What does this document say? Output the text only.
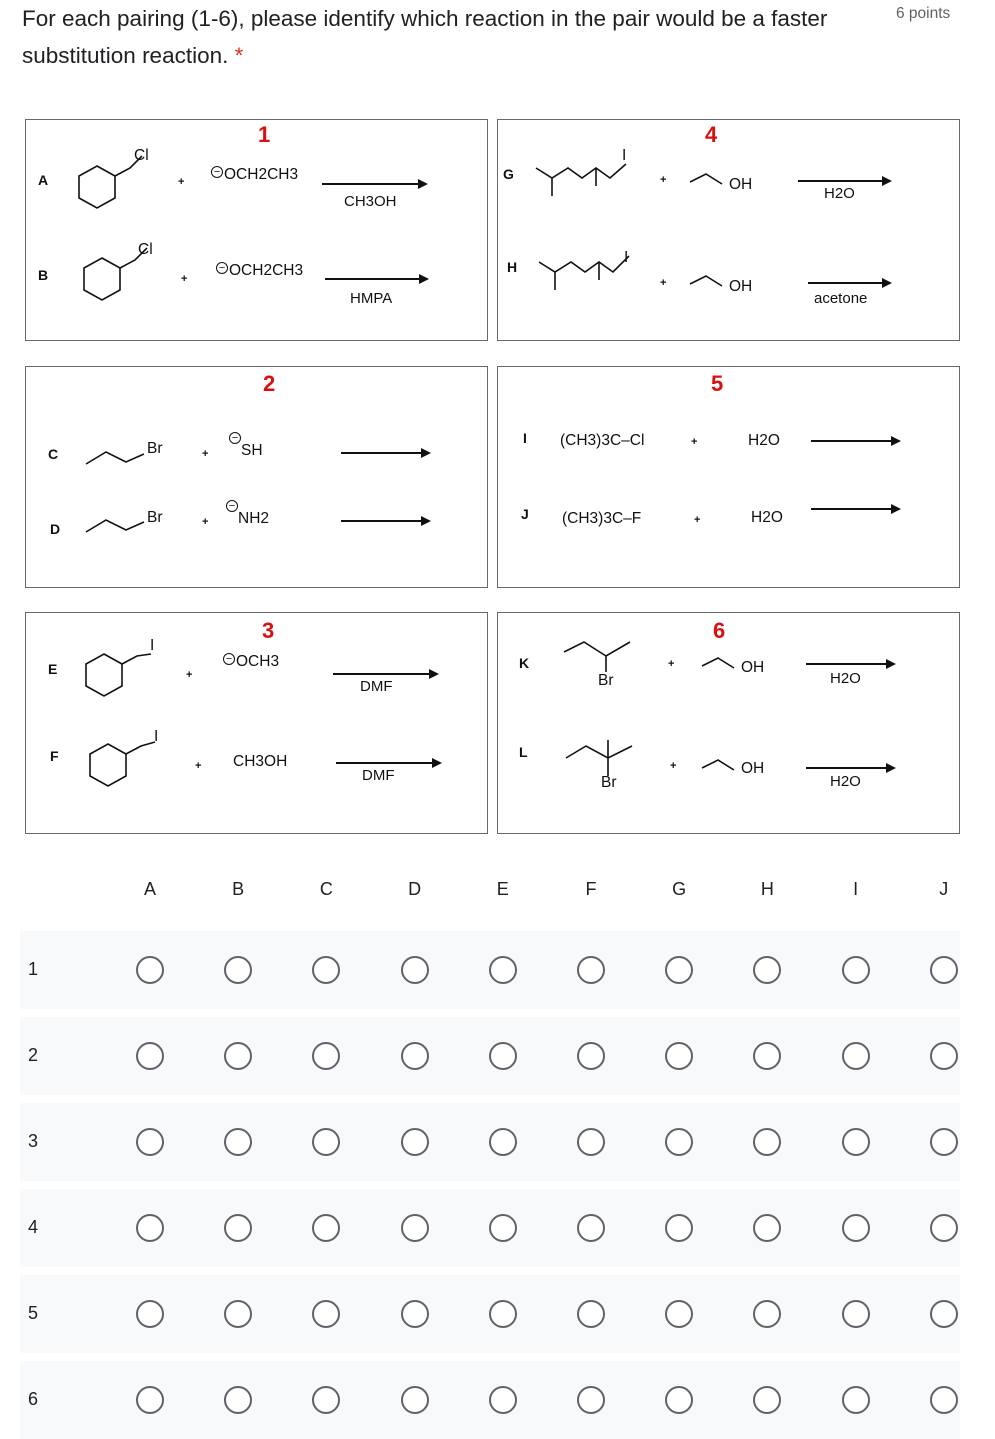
For each pairing (1-6), please identify which reaction in the pair would be a faster substitution reaction. *
6 points
1
A
Cl
+
− OCH2CH3
CH3OH
B
Cl
+
− OCH2CH3
HMPA
4
G
I
+	OH
H2O
H
I
+	OH
acetone
2
C	Br	+
−
SH
D
Br	+
−
NH2
5
I (CH3)3C–Cl	+	H2O
J (CH3)3C–F	+	H2O
3
E
I
+
− OCH3
DMF
F
I
+ CH3OH
DMF
6
K
Br
+	OH
H2O
L
Br
+	OH
H2O
A	B	C	D	E	F	G	H	I	J
1
2
3
4
5
6
